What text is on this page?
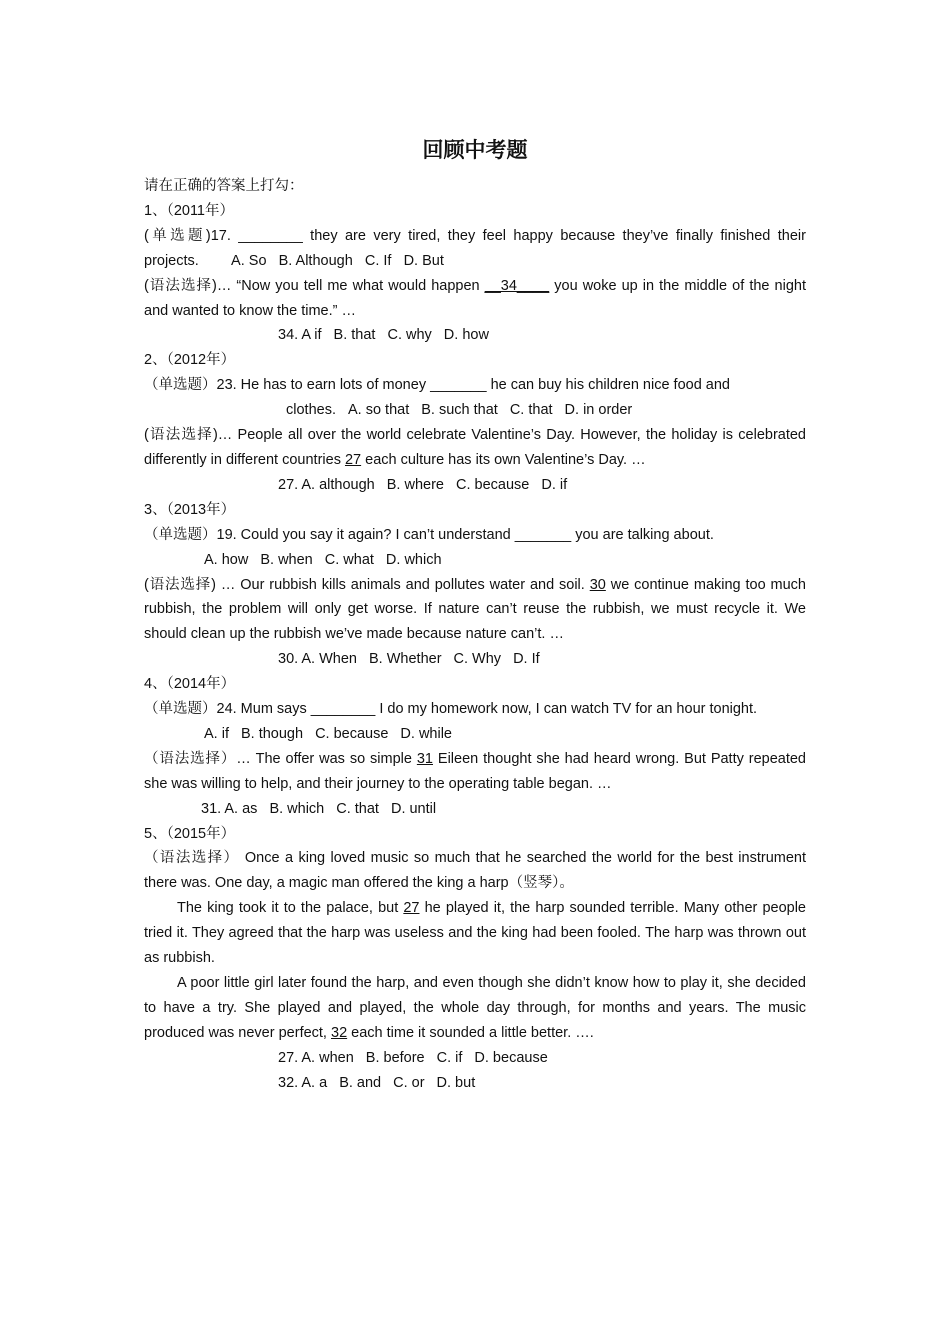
回顾中考题
请在正确的答案上打勾：
1、（2011年）
(单选题)17. ________ they are very tired, they feel happy because they’ve finally finished their projects. A. So B. Although C. If D. But
(语法选择)… “Now you tell me what would happen __34____ you woke up in the middle of the night and wanted to know the time.” …
34. A if B. that C. why D. how
2、（2012年）
（单选题）23. He has to earn lots of money _______ he can buy his children nice food and
clothes. A. so that B. such that C. that D. in order
(语法选择)… People all over the world celebrate Valentine’s Day. However, the holiday is celebrated differently in different countries 27 each culture has its own Valentine’s Day. …
27. A. although B. where C. because D. if
3、（2013年）
（单选题）19. Could you say it again? I can’t understand _______ you are talking about.
A. how B. when C. what D. which
(语法选择) … Our rubbish kills animals and pollutes water and soil. 30 we continue making too much rubbish, the problem will only get worse. If nature can’t reuse the rubbish, we must recycle it. We should clean up the rubbish we’ve made because nature can’t. …
30. A. When B. Whether C. Why D. If
4、（2014年）
（单选题）24. Mum says ________ I do my homework now, I can watch TV for an hour tonight.
A. if B. though C. because D. while
（语法选择）… The offer was so simple 31 Eileen thought she had heard wrong. But Patty repeated she was willing to help, and their journey to the operating table began. …
31. A. as B. which C. that D. until
5、（2015年）
（语法选择） Once a king loved music so much that he searched the world for the best instrument there was. One day, a magic man offered the king a harp（竖琴）。
The king took it to the palace, but 27 he played it, the harp sounded terrible. Many other people tried it. They agreed that the harp was useless and the king had been fooled. The harp was thrown out as rubbish.
A poor little girl later found the harp, and even though she didn’t know how to play it, she decided to have a try. She played and played, the whole day through, for months and years. The music produced was never perfect, 32 each time it sounded a little better. ….
27. A. when B. before C. if D. because
32. A. a B. and C. or D. but
